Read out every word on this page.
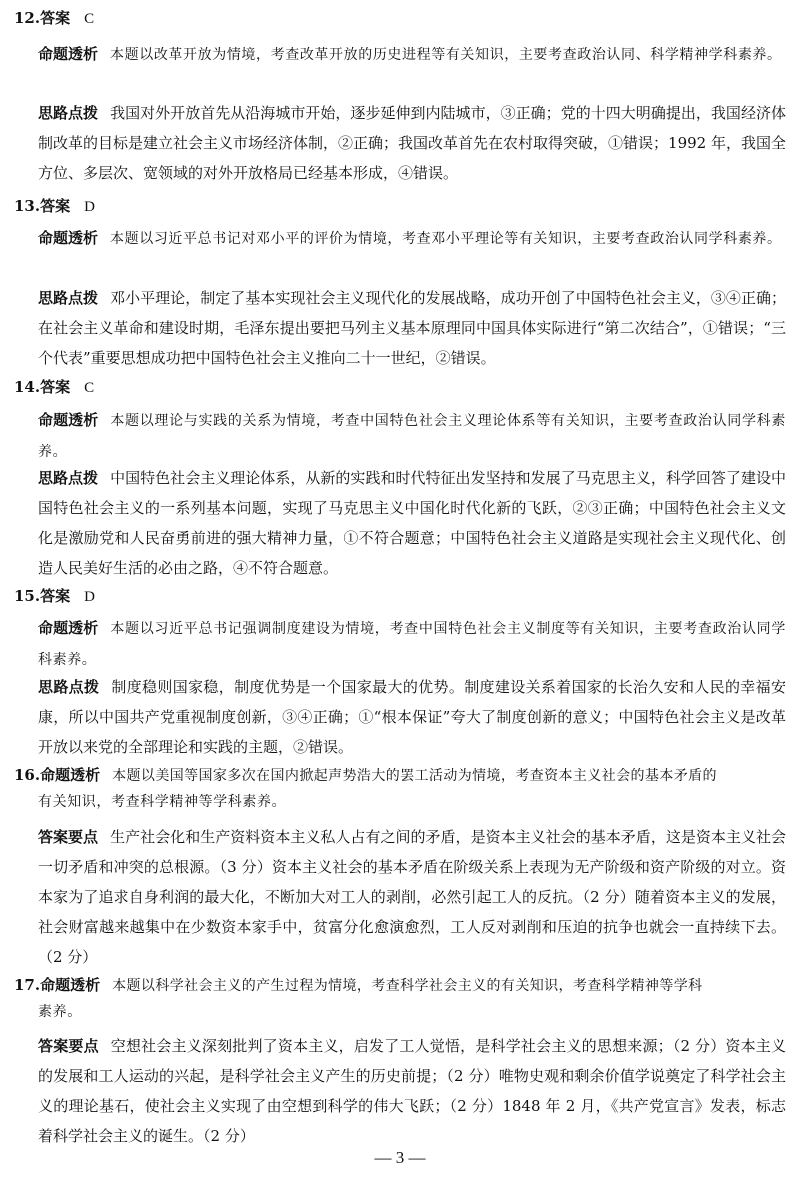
12.答案 C
命题透析 本题以改革开放为情境，考查改革开放的历史进程等有关知识，主要考查政治认同、科学精神学科素养。
思路点拨 我国对外开放首先从沿海城市开始，逐步延伸到内陆城市，③正确；党的十四大明确提出，我国经济体制改革的目标是建立社会主义市场经济体制，②正确；我国改革首先在农村取得突破，①错误；1992 年，我国全方位、多层次、宽领域的对外开放格局已经基本形成，④错误。
13.答案 D
命题透析 本题以习近平总书记对邓小平的评价为情境，考查邓小平理论等有关知识，主要考查政治认同学科素养。
思路点拨 邓小平理论，制定了基本实现社会主义现代化的发展战略，成功开创了中国特色社会主义，③④正确；在社会主义革命和建设时期，毛泽东提出要把马列主义基本原理同中国具体实际进行“第二次结合”，①错误；“三个代表”重要思想成功把中国特色社会主义推向二十一世纪，②错误。
14.答案 C
命题透析 本题以理论与实践的关系为情境，考查中国特色社会主义理论体系等有关知识，主要考查政治认同学科素养。
思路点拨 中国特色社会主义理论体系，从新的实践和时代特征出发坚持和发展了马克思主义，科学回答了建设中国特色社会主义的一系列基本问题，实现了马克思主义中国化时代化新的飞跃，②③正确；中国特色社会主义文化是激励党和人民奋勇前进的强大精神力量，①不符合题意；中国特色社会主义道路是实现社会主义现代化、创造人民美好生活的必由之路，④不符合题意。
15.答案 D
命题透析 本题以习近平总书记强调制度建设为情境，考查中国特色社会主义制度等有关知识，主要考查政治认同学科素养。
思路点拨 制度稳则国家稳，制度优势是一个国家最大的优势。制度建设关系着国家的长治久安和人民的幸福安康，所以中国共产党重视制度创新，③④正确；①“根本保证”夸大了制度创新的意义；中国特色社会主义是改革开放以来党的全部理论和实践的主题，②错误。
16.命题透析 本题以美国等国家多次在国内掀起声势浩大的罢工活动为情境，考查资本主义社会的基本矛盾的
有关知识，考查科学精神等学科素养。
答案要点 生产社会化和生产资料资本主义私人占有之间的矛盾，是资本主义社会的基本矛盾，这是资本主义社会一切矛盾和冲突的总根源。（3 分）资本主义社会的基本矛盾在阶级关系上表现为无产阶级和资产阶级的对立。资本家为了追求自身利润的最大化，不断加大对工人的剥削，必然引起工人的反抗。（2 分）随着资本主义的发展，社会财富越来越集中在少数资本家手中，贫富分化愈演愈烈，工人反对剥削和压迫的抗争也就会一直持续下去。（2 分）
17.命题透析 本题以科学社会主义的产生过程为情境，考查科学社会主义的有关知识，考查科学精神等学科
素养。
答案要点 空想社会主义深刻批判了资本主义，启发了工人觉悟，是科学社会主义的思想来源；（2 分）资本主义的发展和工人运动的兴起，是科学社会主义产生的历史前提；（2 分）唯物史观和剩余价值学说奠定了科学社会主义的理论基石，使社会主义实现了由空想到科学的伟大飞跃；（2 分）1848 年 2 月，《共产党宣言》发表，标志着科学社会主义的诞生。（2 分）
— 3 —
